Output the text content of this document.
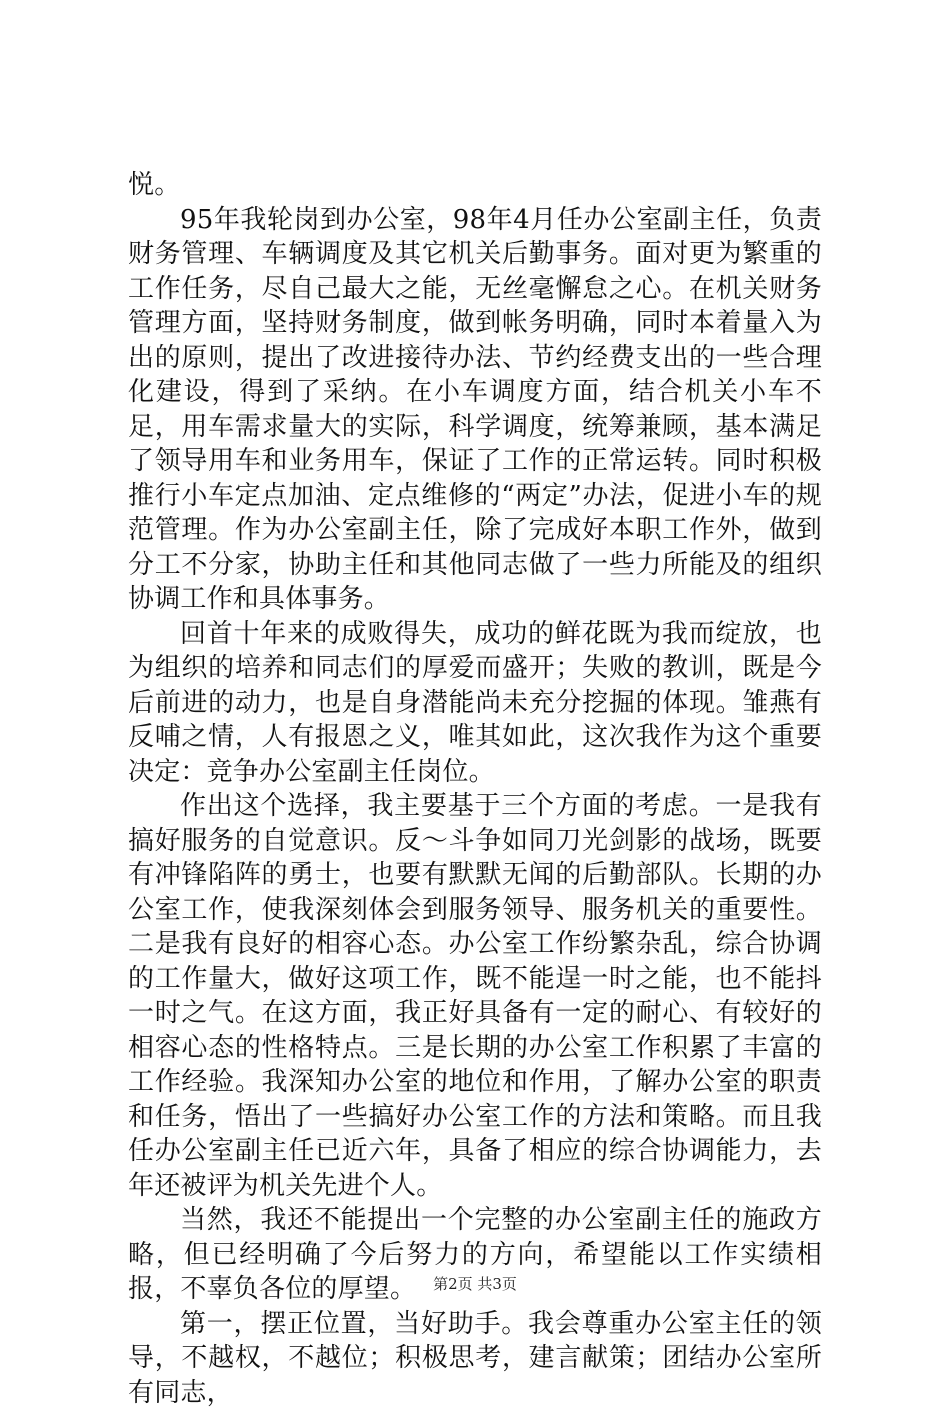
悦。

95年我轮岗到办公室，98年4月任办公室副主任，负责财务管理、车辆调度及其它机关后勤事务。面对更为繁重的工作任务，尽自己最大之能，无丝毫懈怠之心。在机关财务管理方面，坚持财务制度，做到帐务明确，同时本着量入为出的原则，提出了改进接待办法、节约经费支出的一些合理化建设，得到了采纳。在小车调度方面，结合机关小车不足，用车需求量大的实际，科学调度，统筹兼顾，基本满足了领导用车和业务用车，保证了工作的正常运转。同时积极推行小车定点加油、定点维修的“两定”办法，促进小车的规范管理。作为办公室副主任，除了完成好本职工作外，做到分工不分家，协助主任和其他同志做了一些力所能及的组织协调工作和具体事务。

回首十年来的成败得失，成功的鲜花既为我而绽放，也为组织的培养和同志们的厚爱而盛开；失败的教训，既是今后前进的动力，也是自身潜能尚未充分挖掘的体现。雏燕有反哺之情，人有报恩之义，唯其如此，这次我作为这个重要决定：竞争办公室副主任岗位。

作出这个选择，我主要基于三个方面的考虑。一是我有搞好服务的自觉意识。反～斗争如同刀光剑影的战场，既要有冲锋陷阵的勇士，也要有默默无闻的后勤部队。长期的办公室工作，使我深刻体会到服务领导、服务机关的重要性。二是我有良好的相容心态。办公室工作纷繁杂乱，综合协调的工作量大，做好这项工作，既不能逞一时之能，也不能抖一时之气。在这方面，我正好具备有一定的耐心、有较好的相容心态的性格特点。三是长期的办公室工作积累了丰富的工作经验。我深知办公室的地位和作用，了解办公室的职责和任务，悟出了一些搞好办公室工作的方法和策略。而且我任办公室副主任已近六年，具备了相应的综合协调能力，去年还被评为机关先进个人。

当然，我还不能提出一个完整的办公室副主任的施政方略，但已经明确了今后努力的方向，希望能以工作实绩相报，不辜负各位的厚望。

第一，摆正位置，当好助手。我会尊重办公室主任的领导，不越权，不越位；积极思考，建言献策；团结办公室所有同志，

第2页 共3页
